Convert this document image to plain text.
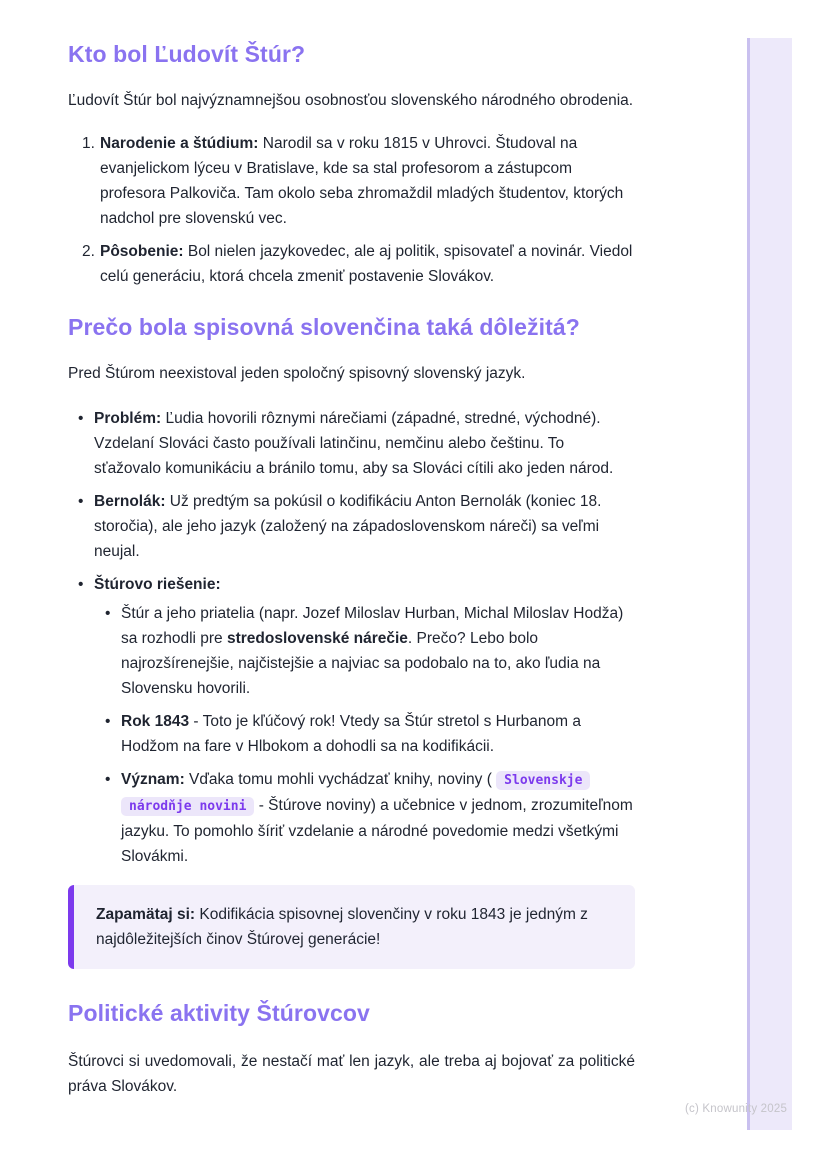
Kto bol Ľudovít Štúr?

Ľudovít Štúr bol najvýznamnejšou osobnosťou slovenského národného obrodenia.

1. Narodenie a štúdium: Narodil sa v roku 1815 v Uhrovci. Študoval na evanjelickom lýceu v Bratislave, kde sa stal profesorom a zástupcom profesora Palkoviča. Tam okolo seba zhromaždil mladých študentov, ktorých nadchol pre slovenskú vec.
2. Pôsobenie: Bol nielen jazykovedec, ale aj politik, spisovateľ a novinár. Viedol celú generáciu, ktorá chcela zmeniť postavenie Slovákov.
Prečo bola spisovná slovenčina taká dôležitá?

Pred Štúrom neexistoval jeden spoločný spisovný slovenský jazyk.

• Problém: Ľudia hovorili rôznymi nárečiami (západné, stredné, východné). Vzdelaní Slováci často používali latinčinu, nemčinu alebo češtinu. To sťažovalo komunikáciu a bránilo tomu, aby sa Slováci cítili ako jeden národ.
• Bernolák: Už predtým sa pokúsil o kodifikáciu Anton Bernolák (koniec 18. storočia), ale jeho jazyk (založený na západoslovenskom náreči) sa veľmi neujal.
• Štúrovo riešenie:
• Štúr a jeho priatelia (napr. Jozef Miloslav Hurban, Michal Miloslav Hodža) sa rozhodli pre stredoslovenské nárečie. Prečo? Lebo bolo najrozšírenejšie, najčistejšie a najviac sa podobalo na to, ako ľudia na Slovensku hovorili.
• Rok 1843 - Toto je kľúčový rok! Vtedy sa Štúr stretol s Hurbanom a Hodžom na fare v Hlbokom a dohodli sa na kodifikácii.
• Význam: Vďaka tomu mohli vychádzať knihy, noviny ( Slovenskje národňje novini - Štúrove noviny) a učebnice v jednom, zrozumiteľnom jazyku. To pomohlo šíriť vzdelanie a národné povedomie medzi všetkými Slovákmi.

Zapamätaj si: Kodifikácia spisovnej slovenčiny v roku 1843 je jedným z najdôležitejších činov Štúrovej generácie!

Politické aktivity Štúrovcov

Štúrovci si uvedomovali, že nestačí mať len jazyk, ale treba aj bojovať za politické práva Slovákov.

(c) Knowunity 2025
